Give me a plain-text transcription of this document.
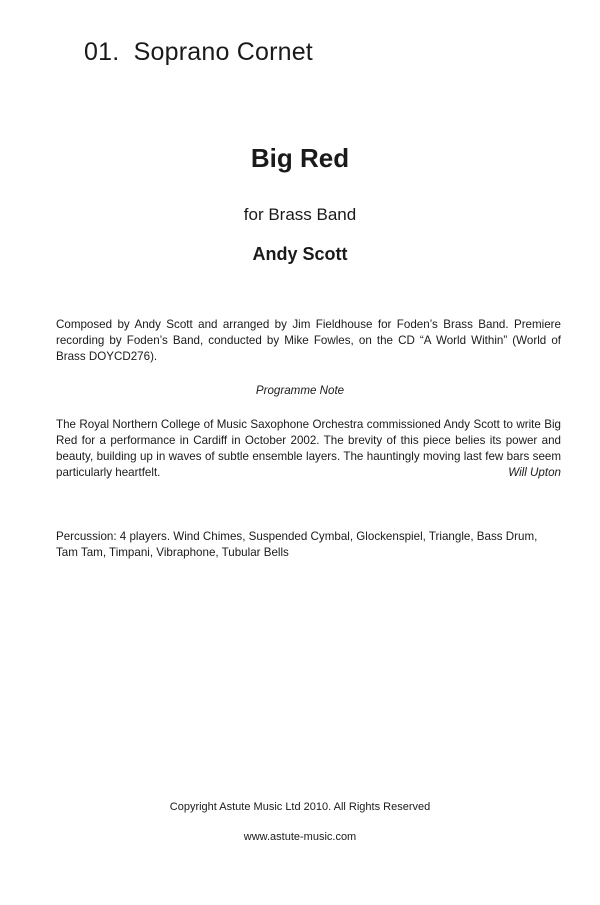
01.  Soprano Cornet
Big Red
for Brass Band
Andy Scott
Composed by Andy Scott and arranged by Jim Fieldhouse for Foden’s Brass Band. Premiere recording by Foden’s Band, conducted by Mike Fowles, on the CD “A World Within” (World of Brass DOYCD276).
Programme Note
The Royal Northern College of Music Saxophone Orchestra commissioned Andy Scott to write Big Red for a performance in Cardiff in October 2002. The brevity of this piece belies its power and beauty, building up in waves of subtle ensemble layers. The hauntingly moving last few bars seem particularly heartfelt.	Will Upton
Percussion: 4 players. Wind Chimes, Suspended Cymbal, Glockenspiel, Triangle, Bass Drum, Tam Tam, Timpani, Vibraphone, Tubular Bells
Copyright Astute Music Ltd 2010. All Rights Reserved
www.astute-music.com
